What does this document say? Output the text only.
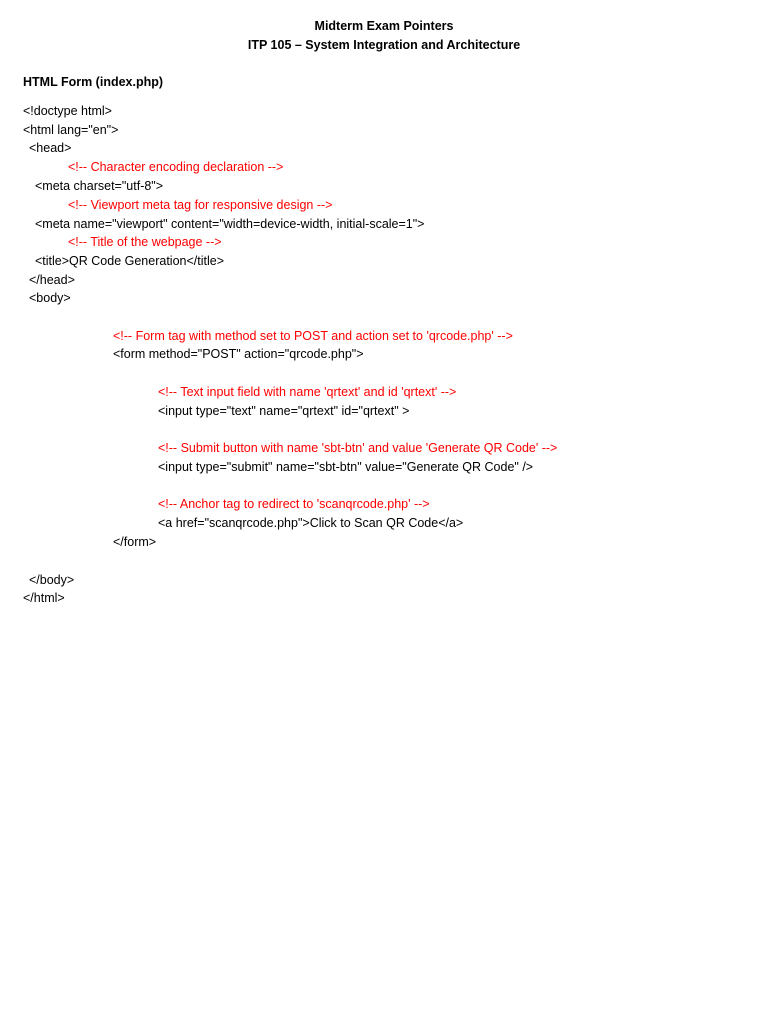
Midterm Exam Pointers
ITP 105 – System Integration and Architecture
HTML Form (index.php)
<!doctype html>
<html lang="en">
<head>
<!-- Character encoding declaration -->
<meta charset="utf-8">
<!-- Viewport meta tag for responsive design -->
<meta name="viewport" content="width=device-width, initial-scale=1">
<!-- Title of the webpage -->
<title>QR Code Generation</title>
</head>
<body>
<!-- Form tag with method set to POST and action set to 'qrcode.php' -->
<form method="POST" action="qrcode.php">
<!-- Text input field with name 'qrtext' and id 'qrtext' -->
<input type="text" name="qrtext" id="qrtext" >
<!-- Submit button with name 'sbt-btn' and value 'Generate QR Code' -->
<input type="submit" name="sbt-btn" value="Generate QR Code" />
<!-- Anchor tag to redirect to 'scanqrcode.php' -->
<a href="scanqrcode.php">Click to Scan QR Code</a>
</form>
</body>
</html>
